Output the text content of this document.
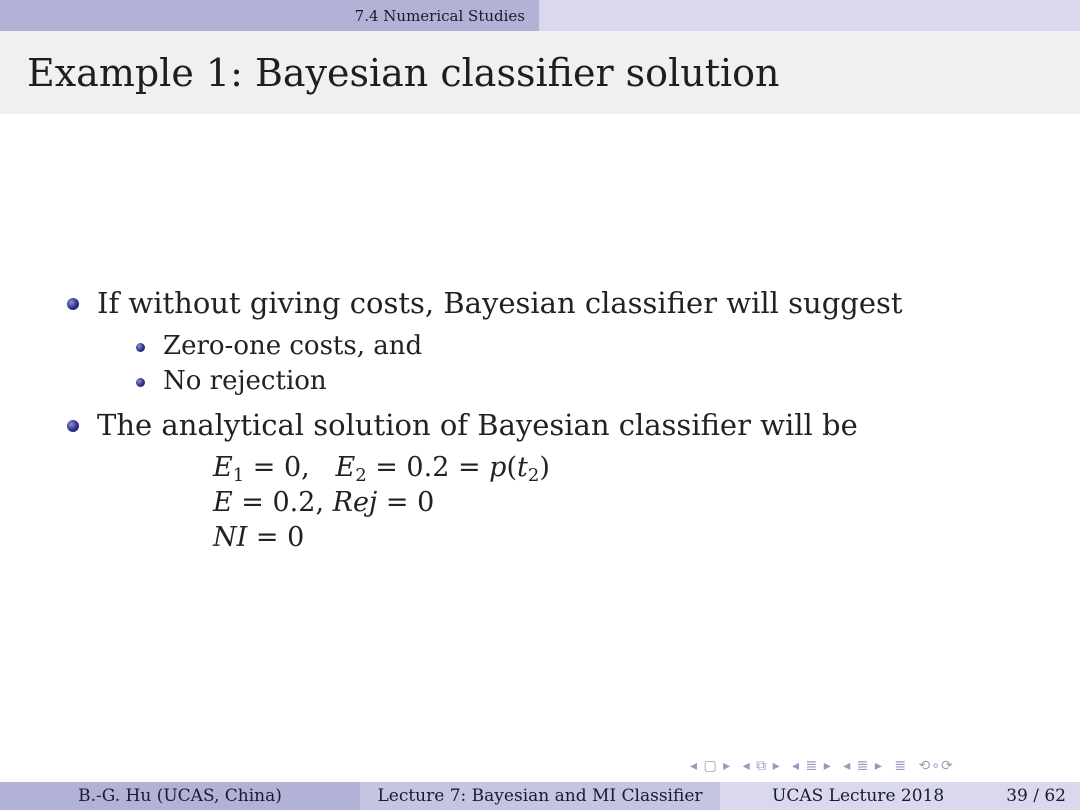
7.4 Numerical Studies
Example 1: Bayesian classifier solution
If without giving costs, Bayesian classifier will suggest
Zero-one costs, and
No rejection
The analytical solution of Bayesian classifier will be
$E_1 = 0$,   $E_2 = 0.2 = p(t_2)$
E = 0.2, Rej = 0
NI = 0
◂ ▢ ▸ ◂ ⧉ ▸ ◂ ≣ ▸ ◂ ≣ ▸ ≣ ⟲∘⟳
B.-G. Hu (UCAS, China)	Lecture 7: Bayesian and MI Classifier	UCAS Lecture 2018	39 / 62
